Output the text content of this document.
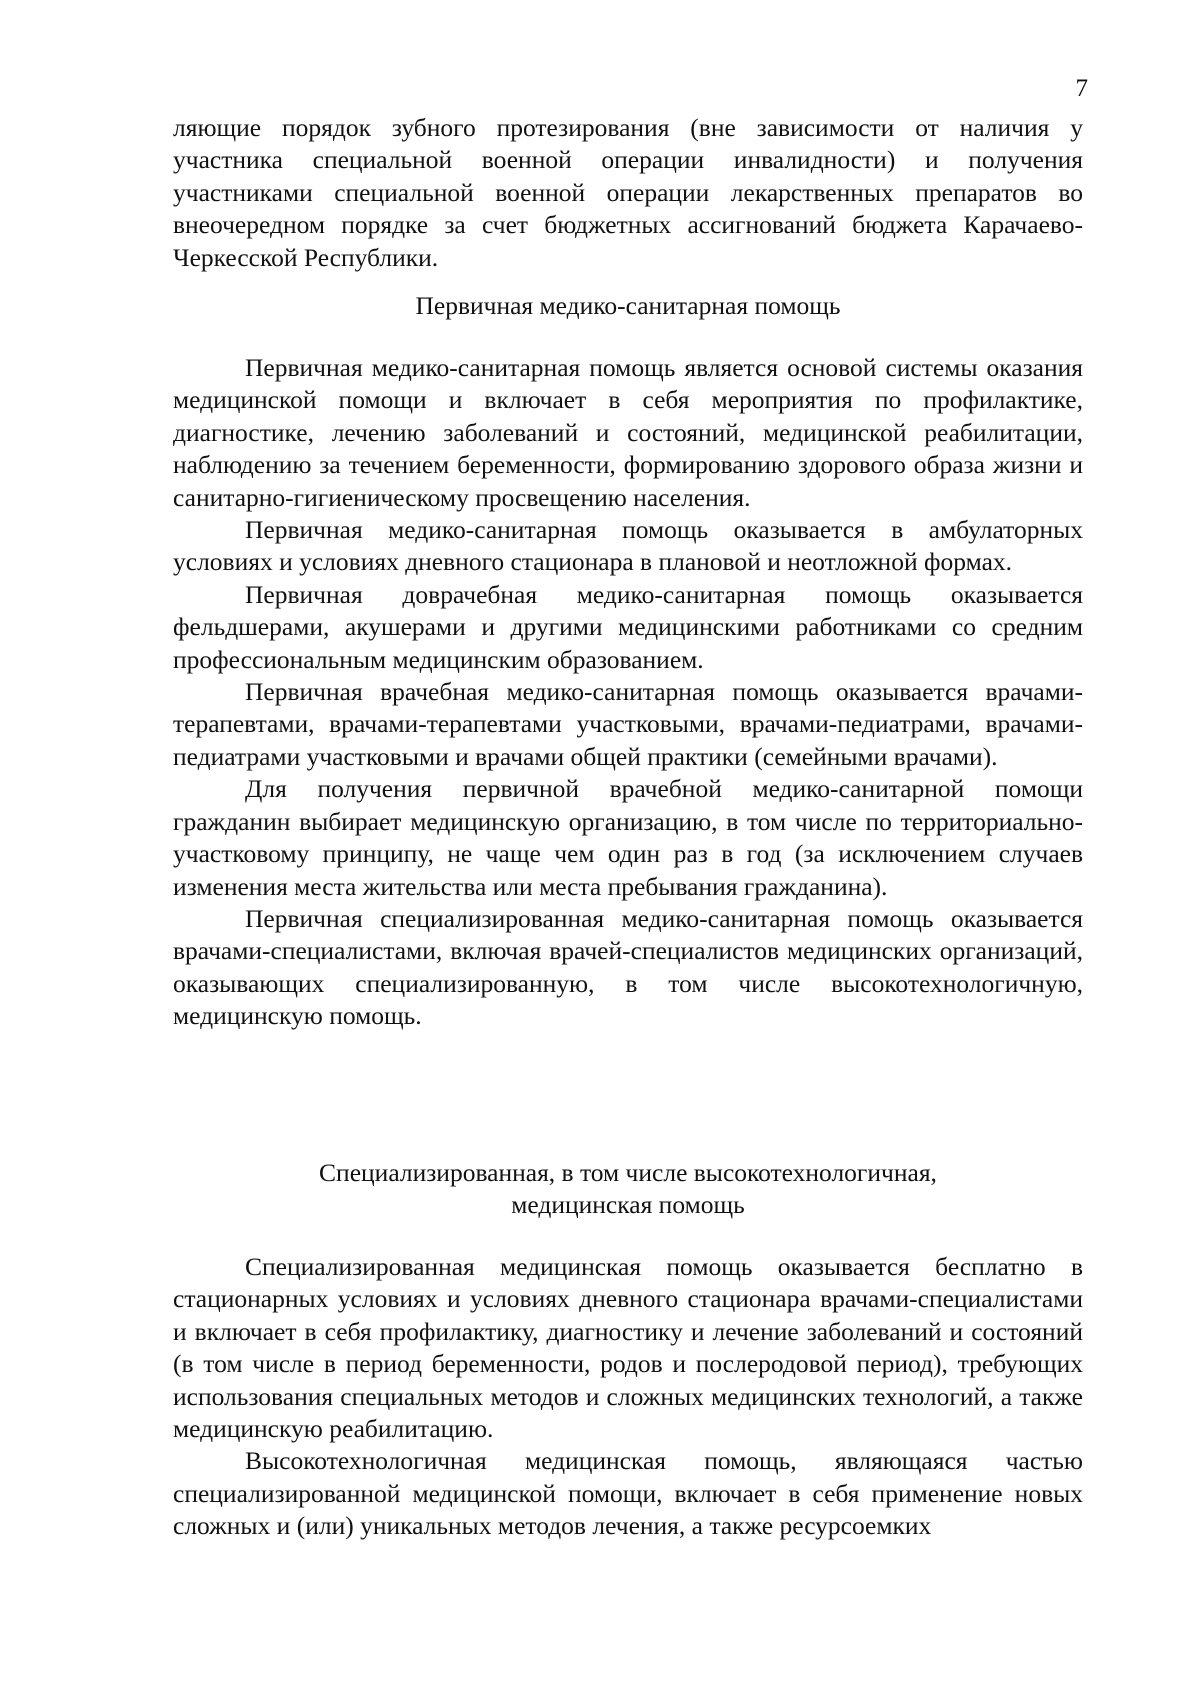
7

ляющие порядок зубного протезирования (вне зависимости от наличия у участника специальной военной операции инвалидности) и получения участниками специальной военной операции лекарственных препаратов во внеочередном порядке за счет бюджетных ассигнований бюджета Карачаево-Черкесской Республики.

Первичная медико-санитарная помощь

Первичная медико-санитарная помощь является основой системы оказания медицинской помощи и включает в себя мероприятия по профилактике, диагностике, лечению заболеваний и состояний, медицинской реабилитации, наблюдению за течением беременности, формированию здорового образа жизни и санитарно-гигиеническому просвещению населения.

Первичная медико-санитарная помощь оказывается в амбулаторных условиях и условиях дневного стационара в плановой и неотложной формах.

Первичная доврачебная медико-санитарная помощь оказывается фельдшерами, акушерами и другими медицинскими работниками со средним профессиональным медицинским образованием.

Первичная врачебная медико-санитарная помощь оказывается врачами-терапевтами, врачами-терапевтами участковыми, врачами-педиатрами, врачами-педиатрами участковыми и врачами общей практики (семейными врачами).

Для получения первичной врачебной медико-санитарной помощи гражданин выбирает медицинскую организацию, в том числе по территориально-участковому принципу, не чаще чем один раз в год (за исключением случаев изменения места жительства или места пребывания гражданина).

Первичная специализированная медико-санитарная помощь оказывается врачами-специалистами, включая врачей-специалистов медицинских организаций, оказывающих специализированную, в том числе высокотехнологичную, медицинскую помощь.

Специализированная, в том числе высокотехнологичная,
медицинская помощь

Специализированная медицинская помощь оказывается бесплатно в стационарных условиях и условиях дневного стационара врачами-специалистами и включает в себя профилактику, диагностику и лечение заболеваний и состояний (в том числе в период беременности, родов и послеродовой период), требующих использования специальных методов и сложных медицинских технологий, а также медицинскую реабилитацию.

Высокотехнологичная медицинская помощь, являющаяся частью специализированной медицинской помощи, включает в себя применение новых сложных и (или) уникальных методов лечения, а также ресурсоемких
